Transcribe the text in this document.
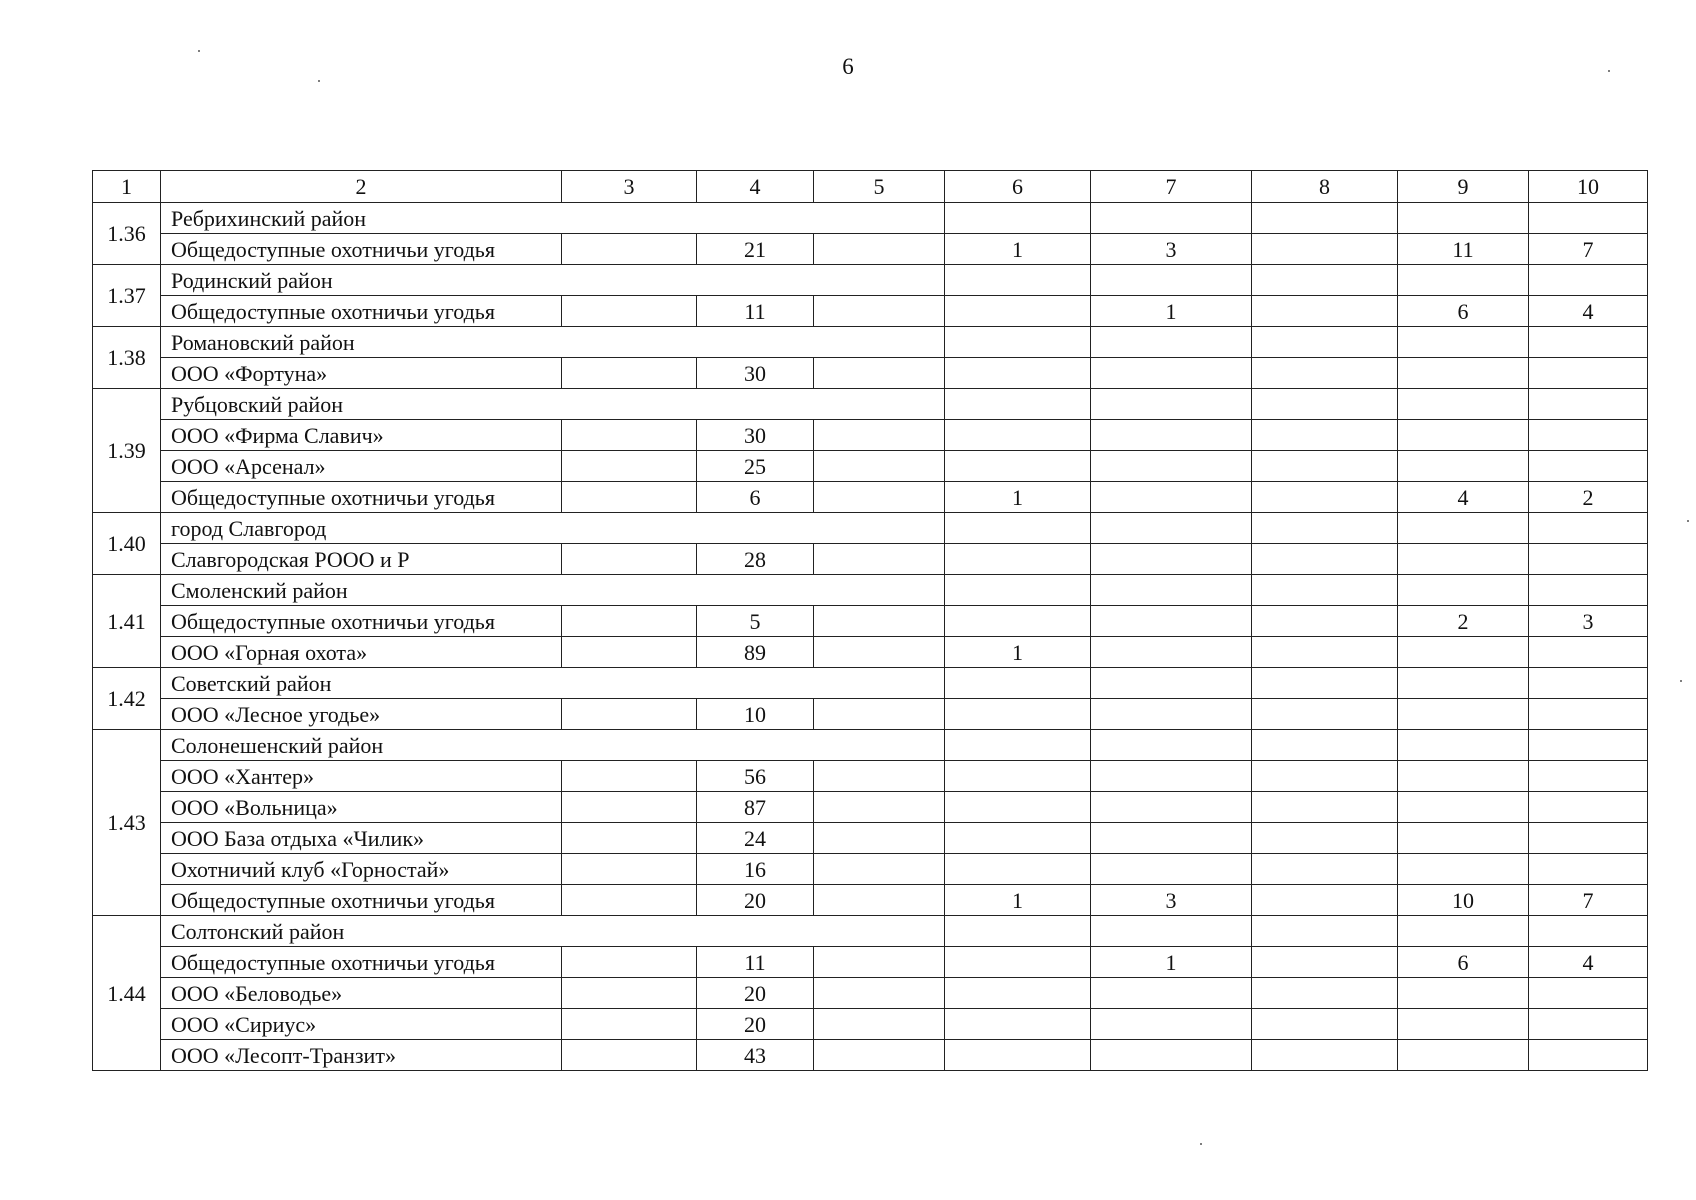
6
1	2	3	4	5	6	7	8	9	10
1.36	Ребрихинский район								
	Общедоступные охотничьи угодья		21		1	3		11	7
1.37	Родинский район								
	Общедоступные охотничьи угодья		11			1		6	4
1.38	Романовский район								
	ООО «Фортуна»		30						
1.39	Рубцовский район								
	ООО «Фирма Славич»		30						
	ООО «Арсенал»		25						
	Общедоступные охотничьи угодья		6		1			4	2
1.40	город Славгород								
	Славгородская РООО и Р		28						
1.41	Смоленский район								
	Общедоступные охотничьи угодья		5					2	3
	ООО «Горная охота»		89		1				
1.42	Советский район								
	ООО «Лесное угодье»		10						
1.43	Солонешенский район								
	ООО «Хантер»		56						
	ООО «Вольница»		87						
	ООО База отдыха «Чилик»		24						
	Охотничий клуб «Горностай»		16						
	Общедоступные охотничьи угодья		20		1	3		10	7
1.44	Солтонский район								
	Общедоступные охотничьи угодья		11			1		6	4
	ООО «Беловодье»		20						
	ООО «Сириус»		20						
	ООО «Лесопт-Транзит»		43						
